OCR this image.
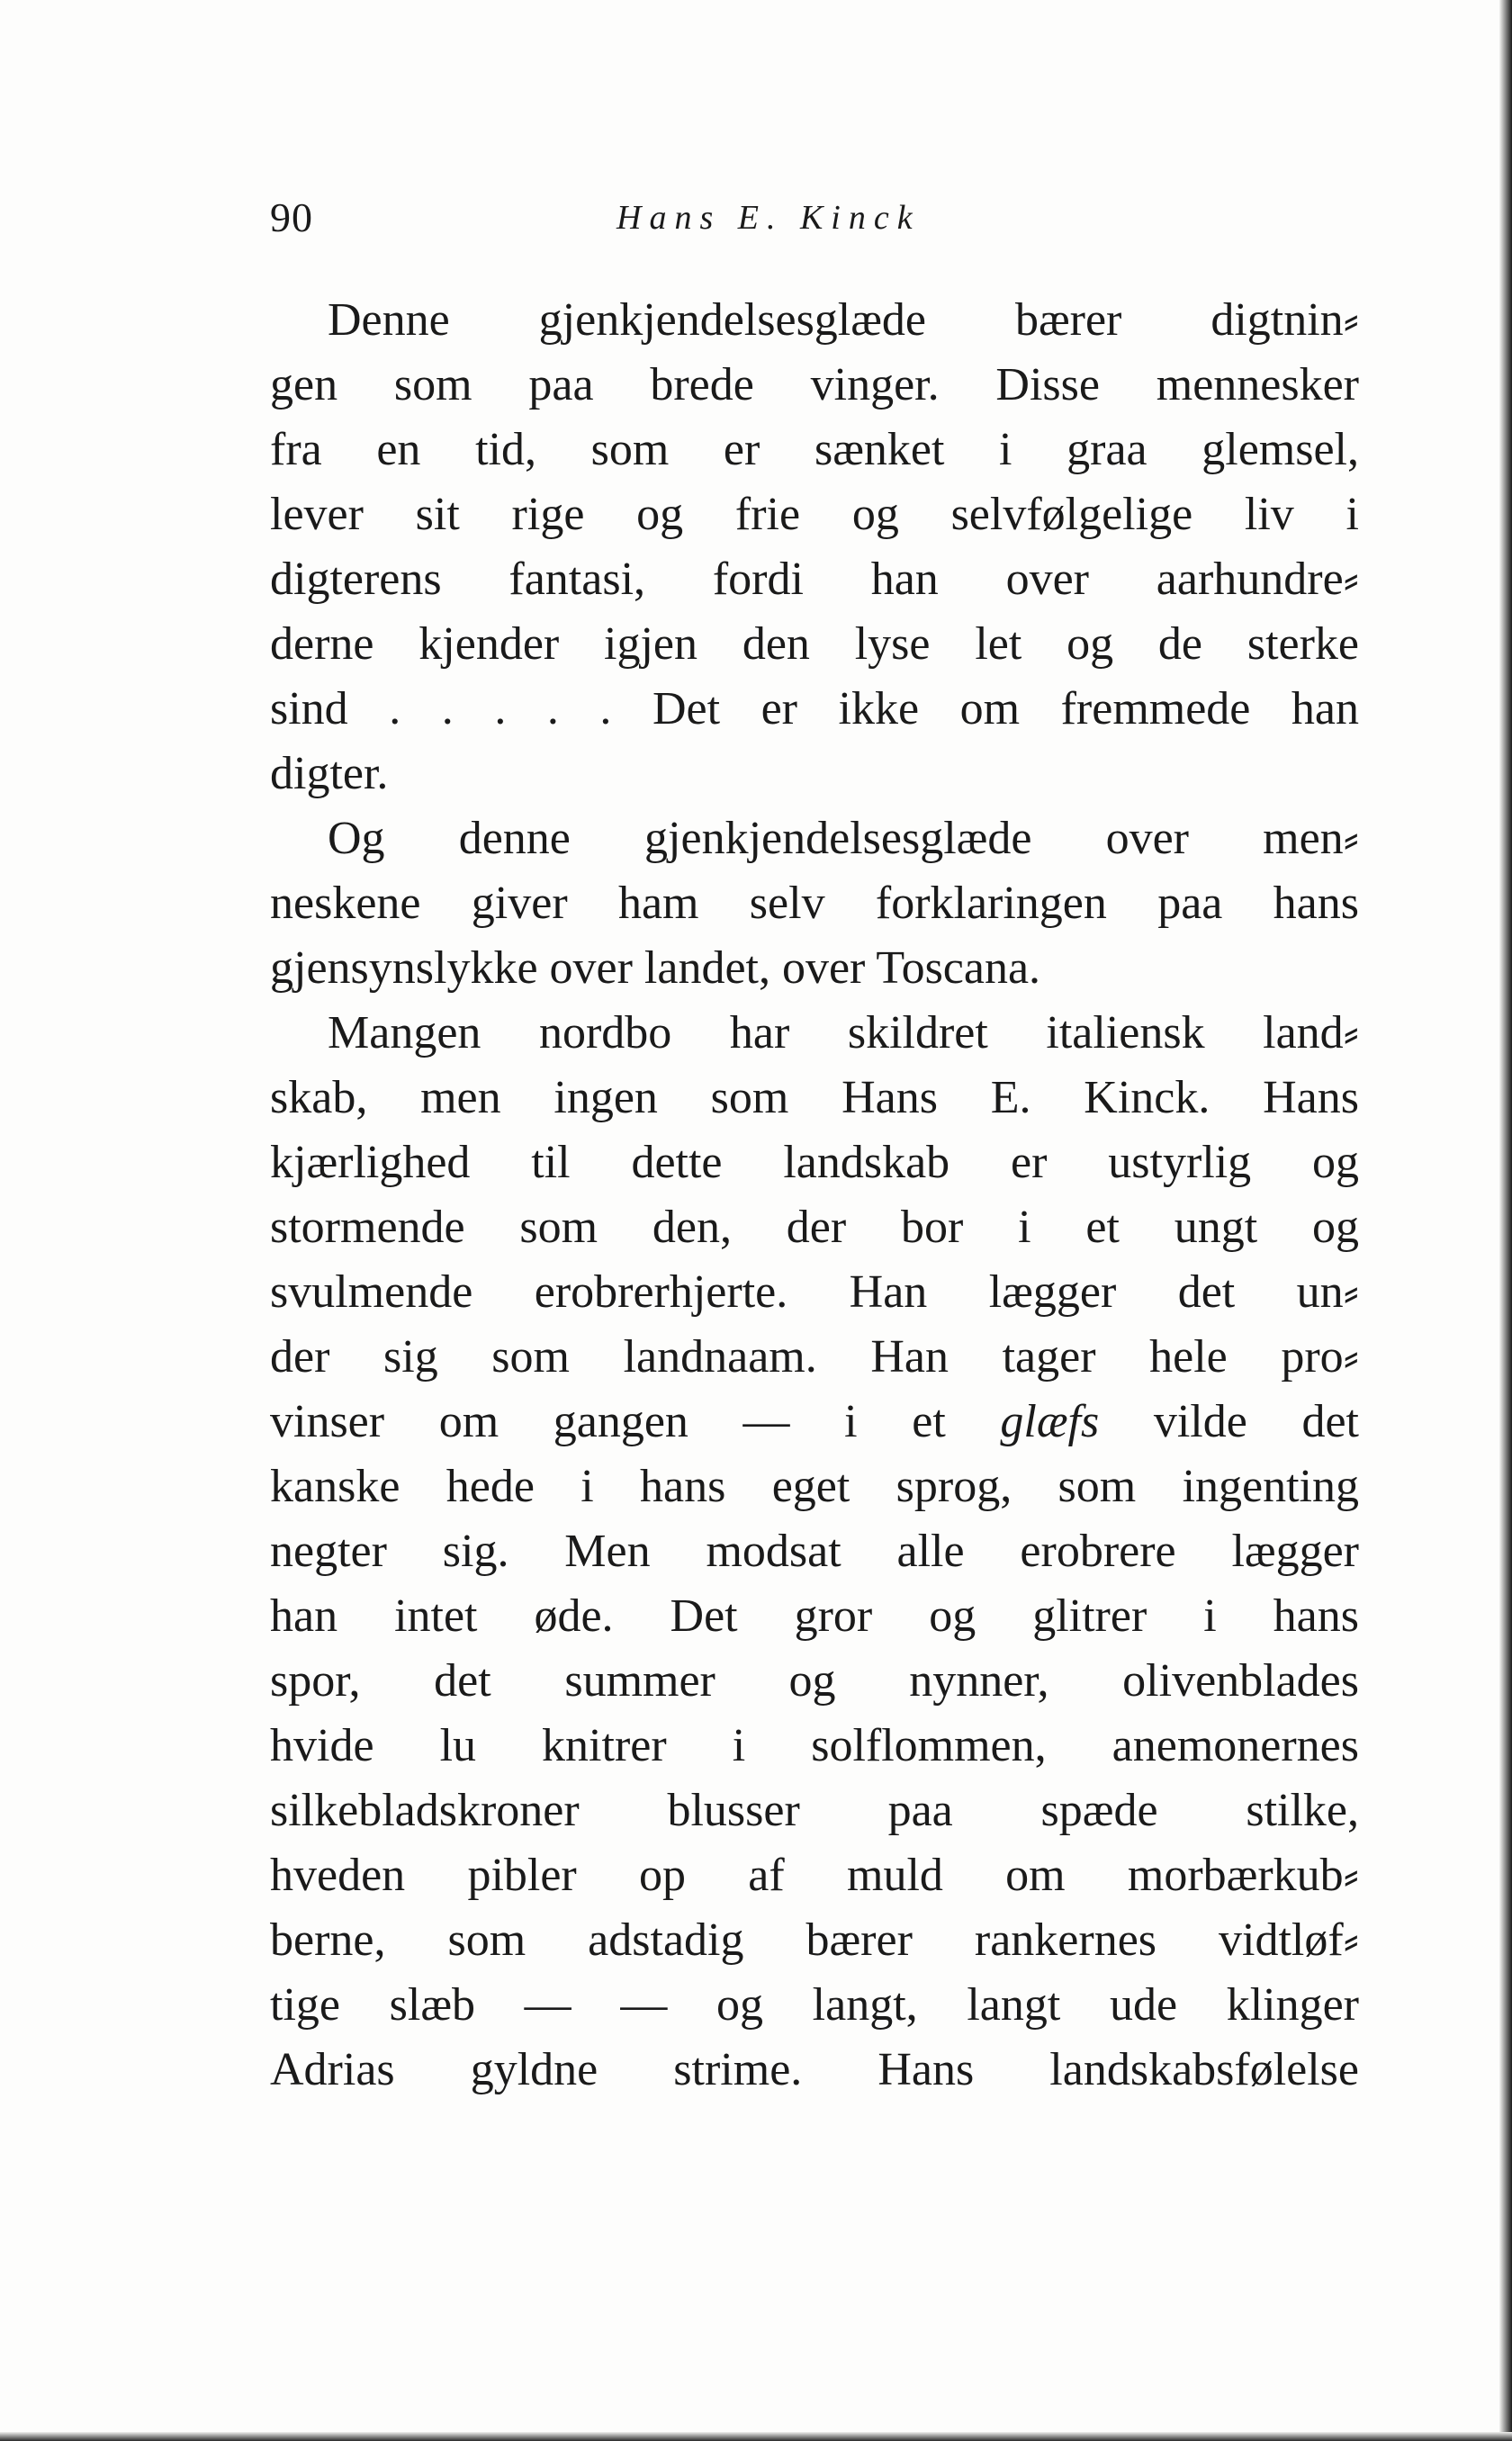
90	Hans E. Kinck
Denne gjenkjendelsesglæde bærer digtnin⸗
gen som paa brede vinger. Disse mennesker
fra en tid, som er sænket i graa glemsel,
lever sit rige og frie og selvfølgelige liv i
digterens fantasi, fordi han over aarhundre⸗
derne kjender igjen den lyse let og de sterke
sind . . . . . Det er ikke om fremmede han
digter.
Og denne gjenkjendelsesglæde over men⸗
neskene giver ham selv forklaringen paa hans
gjensynslykke over landet, over Toscana.
Mangen nordbo har skildret italiensk land⸗
skab, men ingen som Hans E. Kinck. Hans
kjærlighed til dette landskab er ustyrlig og
stormende som den, der bor i et ungt og
svulmende erobrerhjerte. Han lægger det un⸗
der sig som landnaam. Han tager hele pro⸗
vinser om gangen — i et glæfs vilde det
kanske hede i hans eget sprog, som ingenting
negter sig. Men modsat alle erobrere lægger
han intet øde. Det gror og glitrer i hans
spor, det summer og nynner, olivenblades
hvide lu knitrer i solflommen, anemonernes
silkebladskroner blusser paa spæde stilke,
hveden pibler op af muld om morbærkub⸗
berne, som adstadig bærer rankernes vidtløf⸗
tige slæb — — og langt, langt ude klinger
Adrias gyldne strime. Hans landskabsfølelse
